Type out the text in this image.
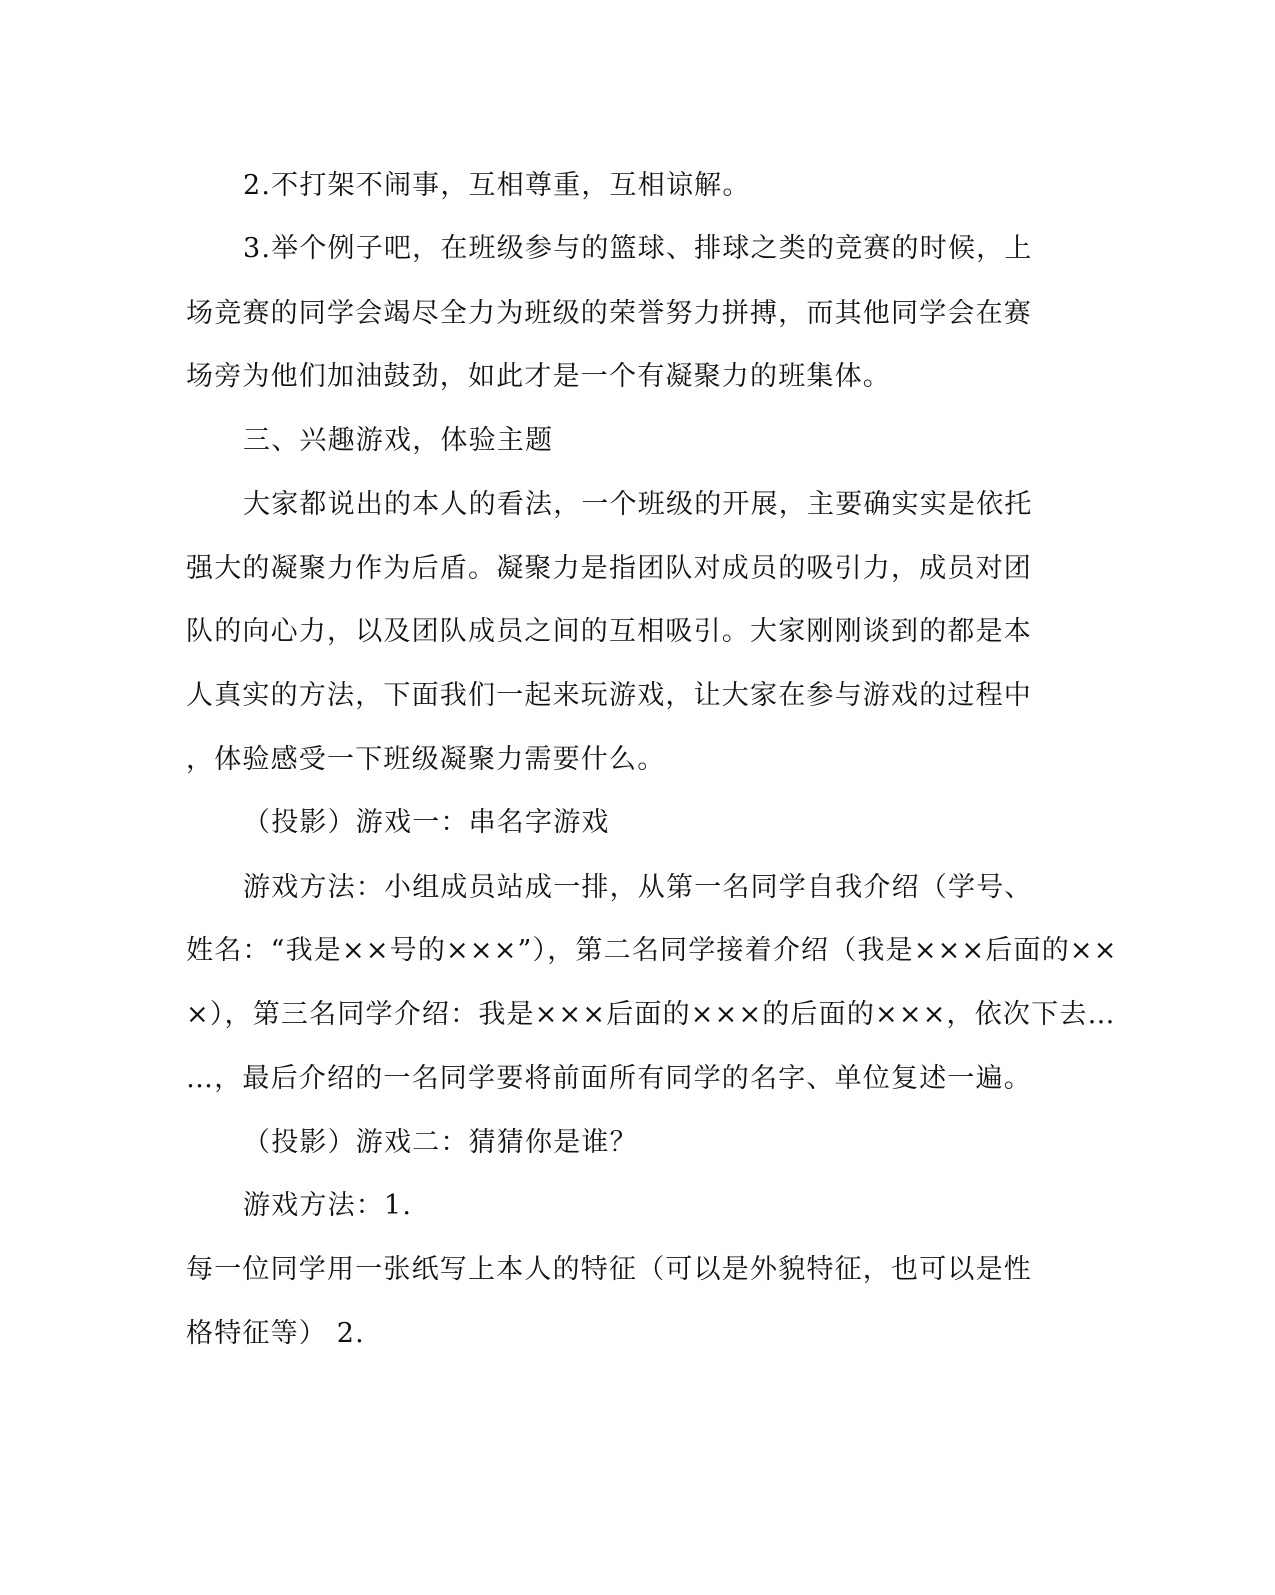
2.不打架不闹事，互相尊重，互相谅解。
3.举个例子吧，在班级参与的篮球、排球之类的竞赛的时候，上
场竞赛的同学会竭尽全力为班级的荣誉努力拼搏，而其他同学会在赛
场旁为他们加油鼓劲，如此才是一个有凝聚力的班集体。
三、兴趣游戏，体验主题
大家都说出的本人的看法，一个班级的开展，主要确实实是依托
强大的凝聚力作为后盾。凝聚力是指团队对成员的吸引力，成员对团
队的向心力，以及团队成员之间的互相吸引。大家刚刚谈到的都是本
人真实的方法，下面我们一起来玩游戏，让大家在参与游戏的过程中
，体验感受一下班级凝聚力需要什么。
（投影）游戏一：串名字游戏
游戏方法：小组成员站成一排，从第一名同学自我介绍（学号、
姓名：“我是××号的×××”），第二名同学接着介绍（我是×××后面的××
×），第三名同学介绍：我是×××后面的×××的后面的×××，依次下去…
…，最后介绍的一名同学要将前面所有同学的名字、单位复述一遍。
（投影）游戏二：猜猜你是谁？
游戏方法：1.
每一位同学用一张纸写上本人的特征（可以是外貌特征，也可以是性
格特征等） 2.
